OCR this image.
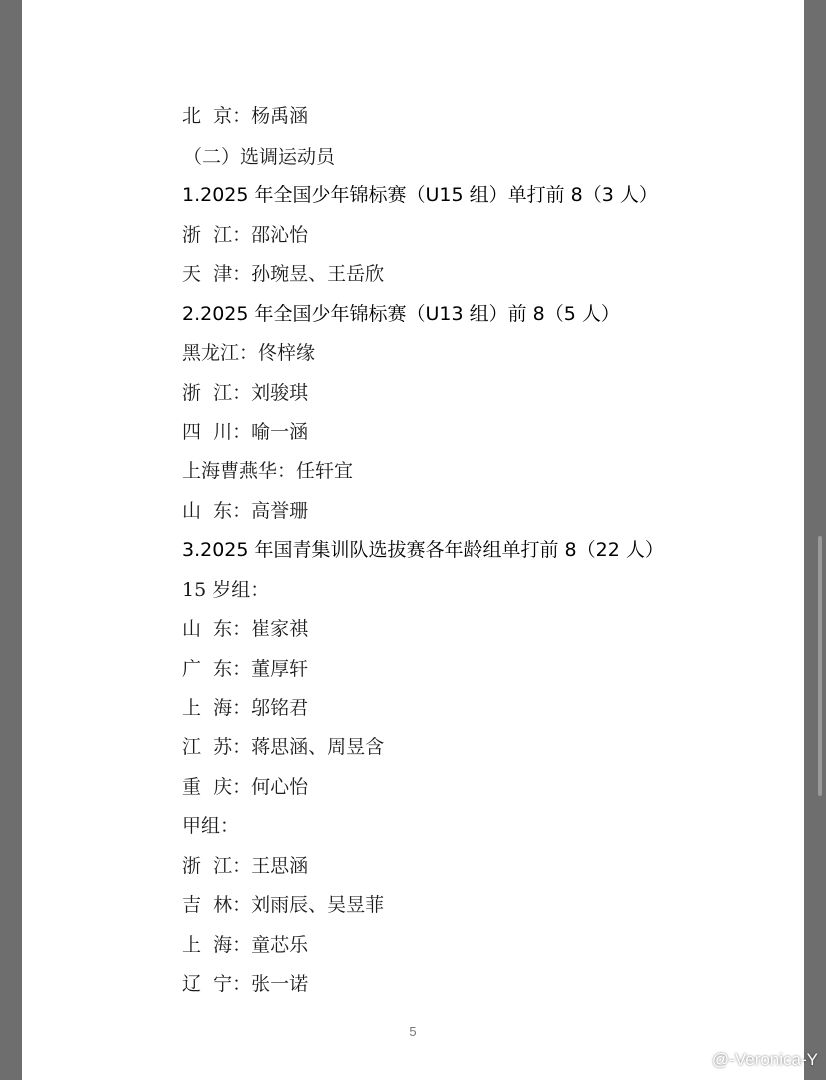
北  京：杨禹涵
（二）选调运动员
1.2025 年全国少年锦标赛（U15 组）单打前 8（3 人）
浙  江：邵沁怡
天  津：孙琬昱、王岳欣
2.2025 年全国少年锦标赛（U13 组）前 8（5 人）
黑龙江：佟梓缘
浙  江：刘骏琪
四  川：喻一涵
上海曹燕华：任轩宜
山  东：高誉珊
3.2025 年国青集训队选拔赛各年龄组单打前 8（22 人）
15 岁组：
山  东：崔家祺
广  东：董厚轩
上  海：邬铭君
江  苏：蒋思涵、周昱含
重  庆：何心怡
甲组：
浙  江：王思涵
吉  林：刘雨辰、吴昱菲
上  海：童芯乐
辽  宁：张一诺
5
@-Veronica-Y
